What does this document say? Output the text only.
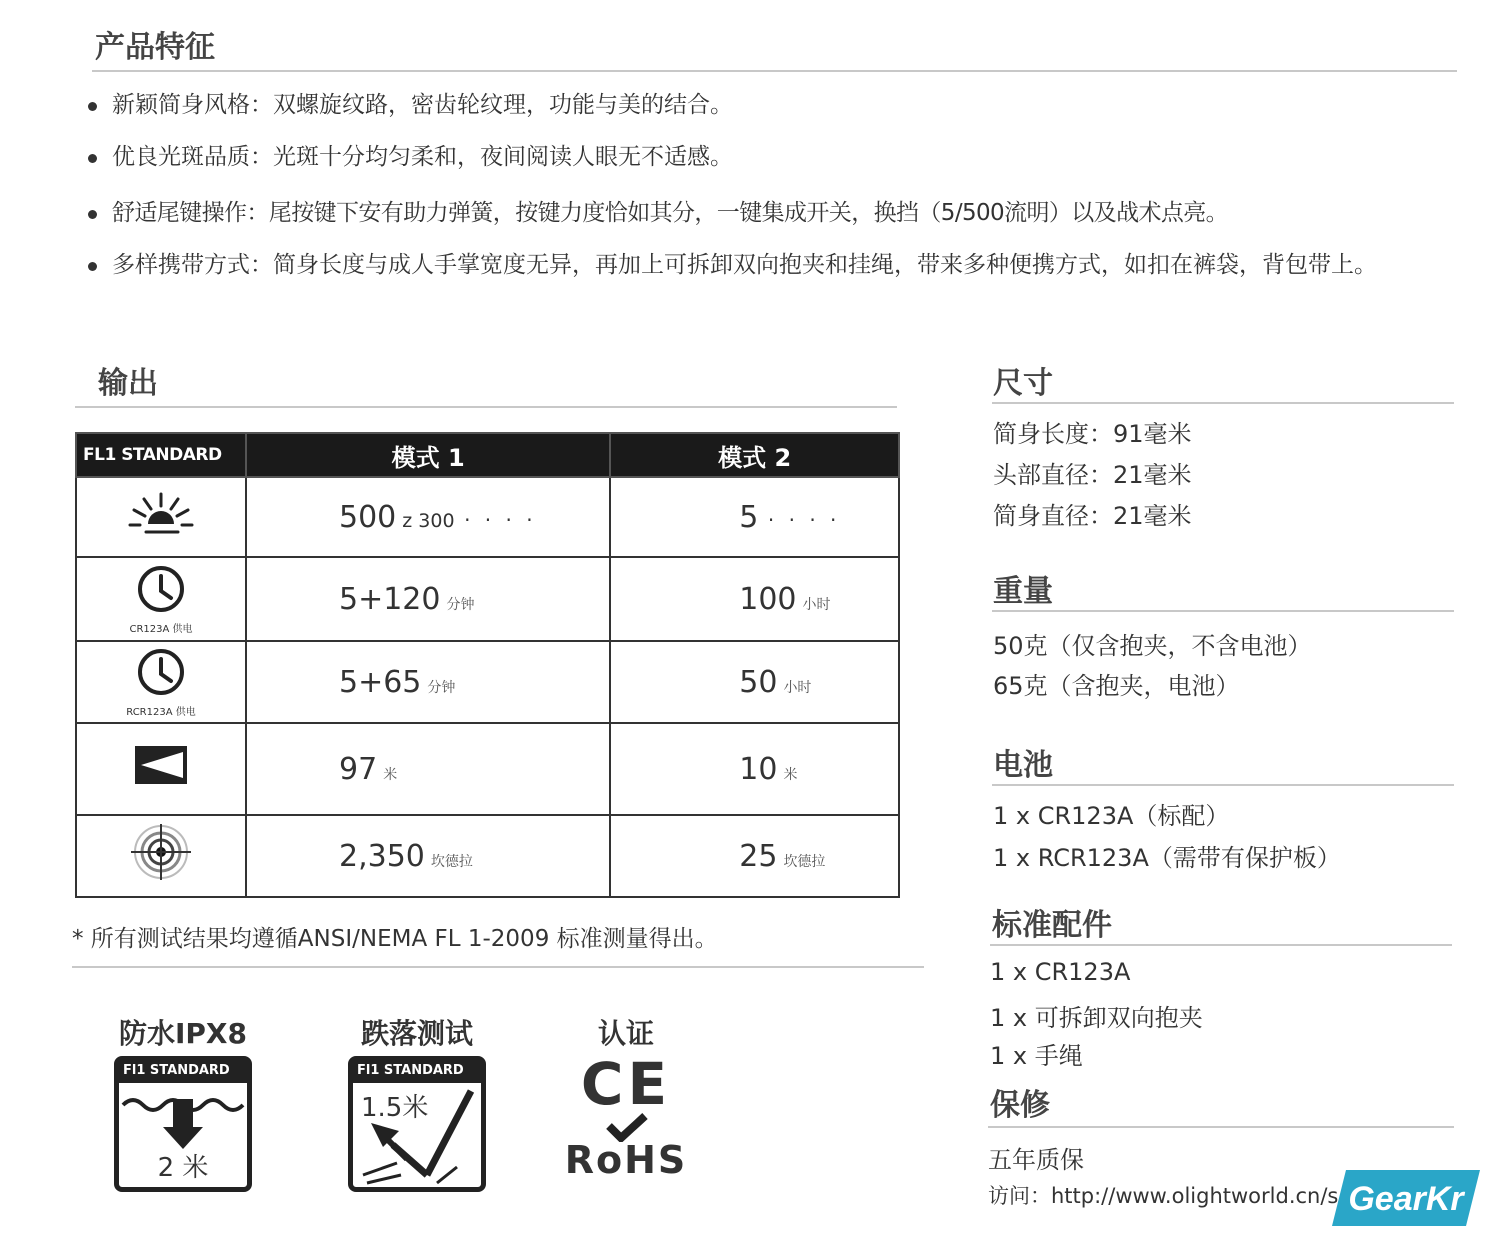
产品特征
新颖简身风格：双螺旋纹路，密齿轮纹理，功能与美的结合。
优良光斑品质：光斑十分均匀柔和，夜间阅读人眼无不适感。
舒适尾键操作：尾按键下安有助力弹簧，按键力度恰如其分，一键集成开关，换挡（5/500流明）以及战术点亮。
多样携带方式：简身长度与成人手掌宽度无异，再加上可拆卸双向抱夹和挂绳，带来多种便携方式，如扣在裤袋，背包带上。
输出
FL1 STANDARD	模式 1	模式 2
	500 z 300 · · · ·	5 · · · ·

CR123A 供电	5+120 分钟	100 小时

RCR123A 供电	5+65 分钟	50 小时
	97 米	10 米
	2,350 坎德拉	25 坎德拉
* 所有测试结果均遵循ANSI/NEMA FL 1-2009 标准测量得出。
防水IPX8
Fl1 STANDARD
2 米
跌落测试
Fl1 STANDARD
1.5米
认证
CE
RoHS
尺寸
简身长度：91毫米
头部直径：21毫米
简身直径：21毫米
重量
50克（仅含抱夹，不含电池）
65克（含抱夹，电池）
电池
1 x CR123A（标配）
1 x RCR123A（需带有保护板）
标准配件
1 x CR123A
1 x 可拆卸双向抱夹
1 x 手绳
保修
五年质保
访问：http://www.olightworld.cn/s GearKr
